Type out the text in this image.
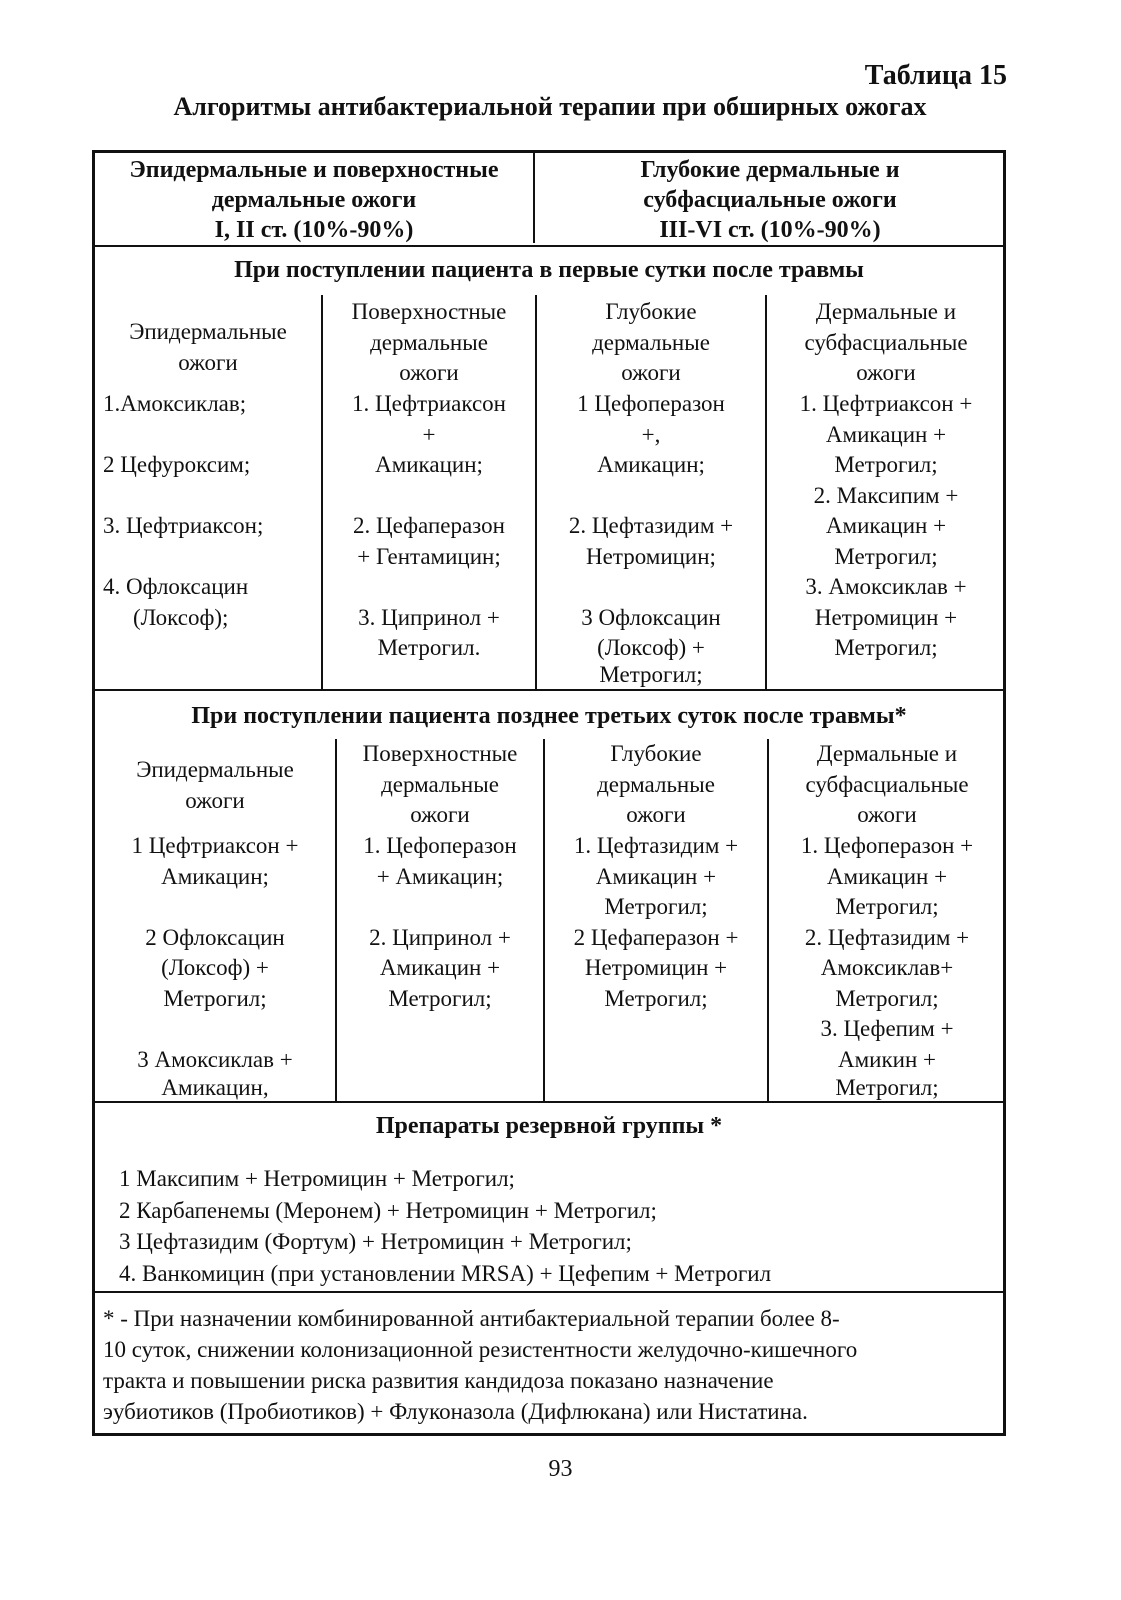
Таблица 15
Алгоритмы антибактериальной терапии при обширных ожогах
Эпидермальные и поверхностные
дермальные ожоги
I, II ст. (10%-90%)
Глубокие дермальные и
субфасциальные ожоги
III-VI ст. (10%-90%)
При поступлении пациента в первые сутки после травмы
Эпидермальные
ожоги
1.Амоксиклав;

2 Цефуроксим;

3. Цефтриаксон;

4. Офлоксацин
(Локсоф);
Поверхностные
дермальные
ожоги
1. Цефтриаксон
+
Амикацин;

2. Цефаперазон
+ Гентамицин;

3. Ципринол +
Метрогил.
Глубокие
дермальные
ожоги
1 Цефоперазон
+,
Амикацин;

2. Цефтазидим +
Нетромицин;

3 Офлоксацин
(Локсоф) +
Метрогил;
Дермальные и
субфасциальные
ожоги
1. Цефтриаксон +
Амикацин +
Метрогил;
2. Максипим +
Амикацин +
Метрогил;
3. Амоксиклав +
Нетромицин +
Метрогил;
При поступлении пациента позднее третьих суток после травмы*
Эпидермальные
ожоги
1 Цефтриаксон +
Амикацин;

2 Офлоксацин
(Локсоф) +
Метрогил;

3 Амоксиклав +
Амикацин,
Поверхностные
дермальные
ожоги
1. Цефоперазон
+ Амикацин;

2. Ципринол +
Амикацин +
Метрогил;
Глубокие
дермальные
ожоги
1. Цефтазидим +
Амикацин +
Метрогил;
2 Цефаперазон +
Нетромицин +
Метрогил;
Дермальные и
субфасциальные
ожоги
1. Цефоперазон +
Амикацин +
Метрогил;
2. Цефтазидим +
Амоксиклав+
Метрогил;
3. Цефепим +
Амикин +
Метрогил;
Препараты резервной группы *
1 Максипим + Нетромицин + Метрогил;
2 Карбапенемы (Меронем) + Нетромицин + Метрогил;
3 Цефтазидим (Фортум) + Нетромицин + Метрогил;
4. Ванкомицин (при установлении MRSA) + Цефепим + Метрогил
* - При назначении комбинированной антибактериальной терапии более 8-
10 суток, снижении колонизационной резистентности желудочно-кишечного
тракта и повышении риска развития кандидоза показано назначение
эубиотиков (Пробиотиков) + Флуконазола (Дифлюкана) или Нистатина.
93
